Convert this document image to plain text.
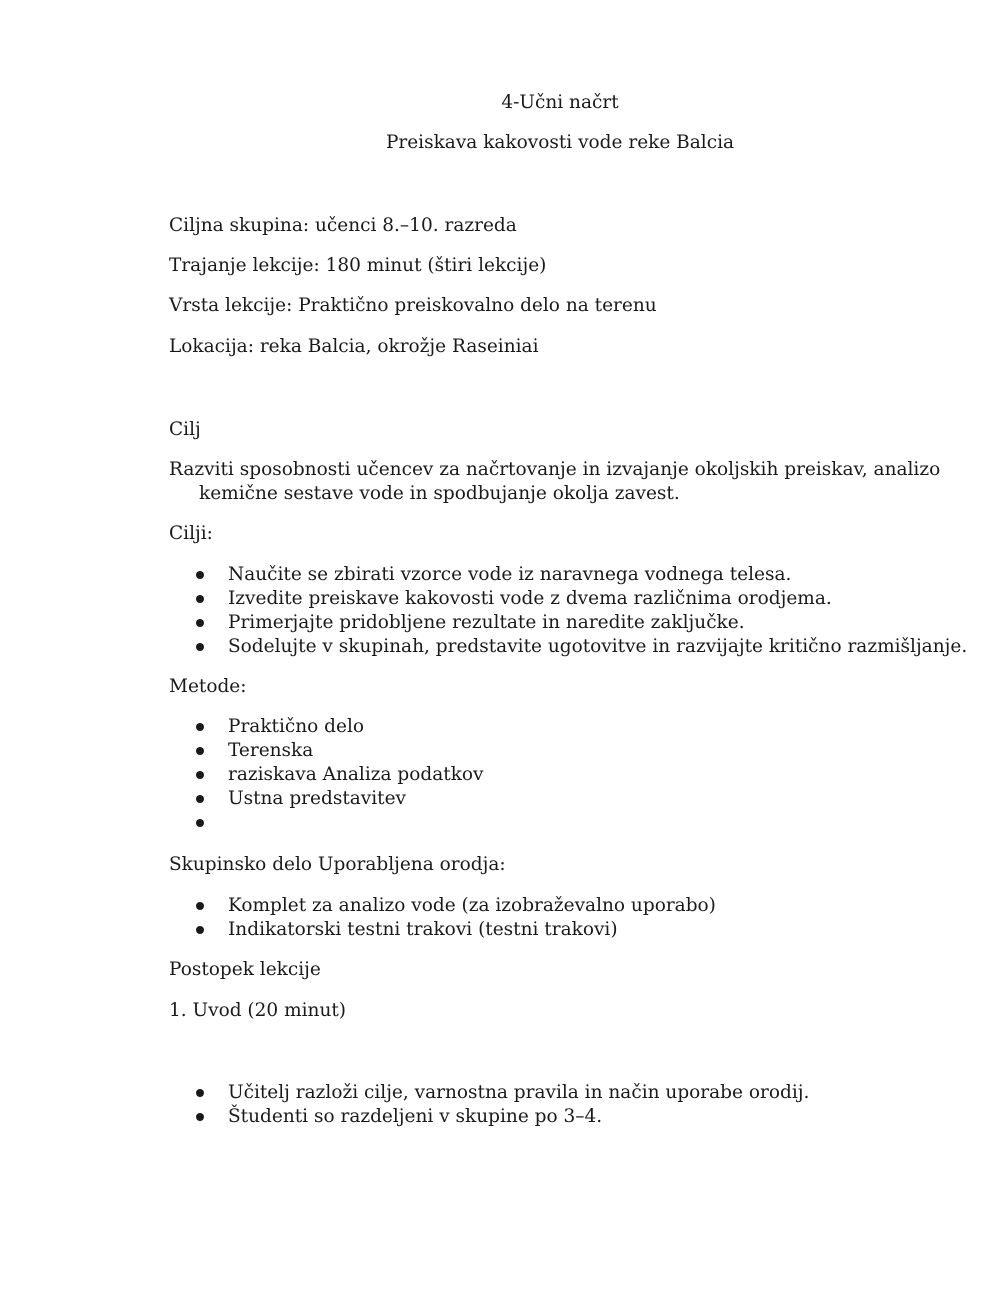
4-Učni načrt
Preiskava kakovosti vode reke Balcia
Ciljna skupina: učenci 8.–10. razreda
Trajanje lekcije: 180 minut (štiri lekcije)
Vrsta lekcije: Praktično preiskovalno delo na terenu
Lokacija: reka Balcia, okrožje Raseiniai
Cilj
Razviti sposobnosti učencev za načrtovanje in izvajanje okoljskih preiskav, analizo
kemične sestave vode in spodbujanje okolja zavest.
Cilji:
Naučite se zbirati vzorce vode iz naravnega vodnega telesa.
Izvedite preiskave kakovosti vode z dvema različnima orodjema.
Primerjajte pridobljene rezultate in naredite zaključke.
Sodelujte v skupinah, predstavite ugotovitve in razvijajte kritično razmišljanje.
Metode:
Praktično delo
Terenska
raziskava Analiza podatkov
Ustna predstavitev
Skupinsko delo Uporabljena orodja:
Komplet za analizo vode (za izobraževalno uporabo)
Indikatorski testni trakovi (testni trakovi)
Postopek lekcije
1. Uvod (20 minut)
Učitelj razloži cilje, varnostna pravila in način uporabe orodij.
Študenti so razdeljeni v skupine po 3–4.
